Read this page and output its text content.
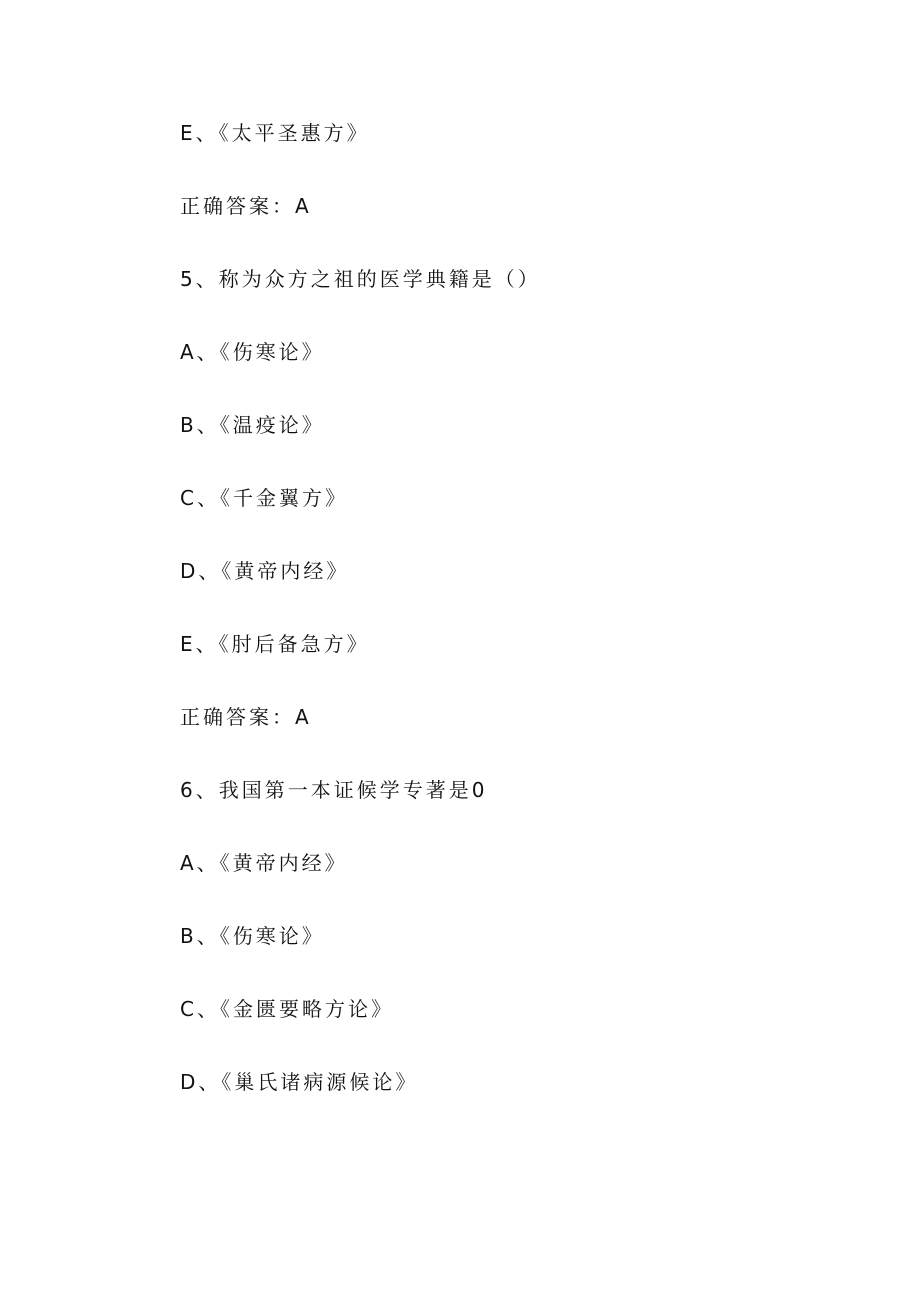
E、《太平圣惠方》
正确答案：A
5、称为众方之祖的医学典籍是（）
A、《伤寒论》
B、《温疫论》
C、《千金翼方》
D、《黄帝内经》
E、《肘后备急方》
正确答案：A
6、我国第一本证候学专著是0
A、《黄帝内经》
B、《伤寒论》
C、《金匮要略方论》
D、《巢氏诸病源候论》
